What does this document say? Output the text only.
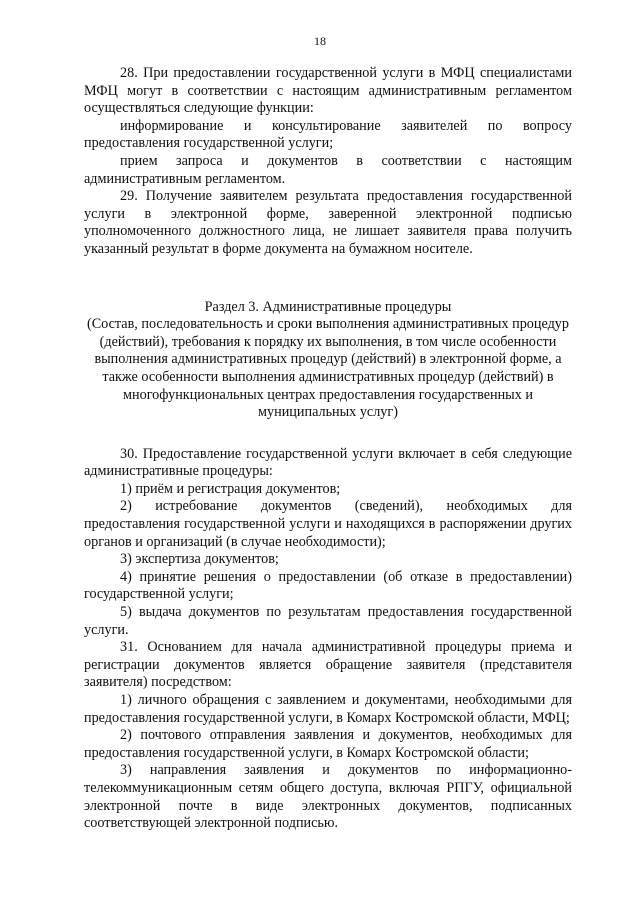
18

28. При предоставлении государственной услуги в МФЦ специалистами МФЦ могут в соответствии с настоящим административным регламентом осуществляться следующие функции:

информирование и консультирование заявителей по вопросу предоставления государственной услуги;

прием запроса и документов в соответствии с настоящим административным регламентом.

29. Получение заявителем результата предоставления государственной услуги в электронной форме, заверенной электронной подписью уполномоченного должностного лица, не лишает заявителя права получить указанный результат в форме документа на бумажном носителе.

Раздел 3. Административные процедуры
(Состав, последовательность и сроки выполнения административных процедур (действий), требования к порядку их выполнения, в том числе особенности выполнения административных процедур (действий) в электронной форме, а также особенности выполнения административных процедур (действий) в многофункциональных центрах предоставления государственных и муниципальных услуг)

30. Предоставление государственной услуги включает в себя следующие административные процедуры:

1) приём и регистрация документов;

2) истребование документов (сведений), необходимых для предоставления государственной услуги и находящихся в распоряжении других органов и организаций (в случае необходимости);

3) экспертиза документов;

4) принятие решения о предоставлении (об отказе в предоставлении) государственной услуги;

5) выдача документов по результатам предоставления государственной услуги.

31. Основанием для начала административной процедуры приема и регистрации документов является обращение заявителя (представителя заявителя) посредством:

1) личного обращения с заявлением и документами, необходимыми для предоставления государственной услуги, в Комарх Костромской области, МФЦ;

2) почтового отправления заявления и документов, необходимых для предоставления государственной услуги, в Комарх Костромской области;

3) направления заявления и документов по информационно-телекоммуникационным сетям общего доступа, включая РПГУ, официальной электронной почте в виде электронных документов, подписанных соответствующей электронной подписью.
